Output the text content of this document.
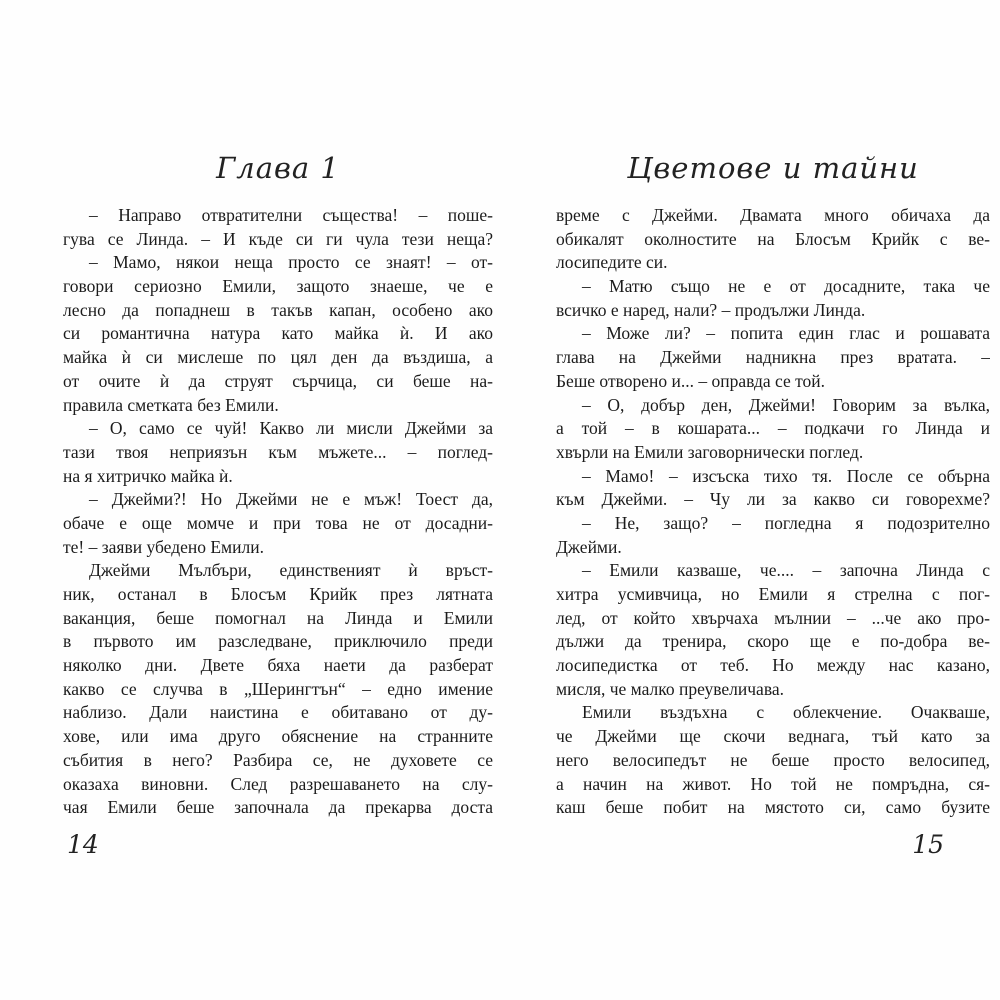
Глава 1
– Направо отвратителни същества! – поше-
гува се Линда. – И къде си ги чула тези неща?
– Мамо, някои неща просто се знаят! – от-
говори сериозно Емили, защото знаеше, че е
лесно да попаднеш в такъв капан, особено ако
си романтична натура като майка ѝ. И ако
майка ѝ си мислеше по цял ден да въздиша, а
от очите ѝ да струят сърчица, си беше на-
правила сметката без Емили.
– О, само се чуй! Какво ли мисли Джейми за
тази твоя неприязън към мъжете... – поглед-
на я хитричко майка ѝ.
– Джейми?! Но Джейми не е мъж! Тоест да,
обаче е още момче и при това не от досадни-
те! – заяви убедено Емили.
Джейми Мълбъри, единственият ѝ връст-
ник, останал в Блосъм Крийк през лятната
ваканция, беше помогнал на Линда и Емили
в първото им разследване, приключило преди
няколко дни. Двете бяха наети да разберат
какво се случва в „Шерингтън“ – едно имение
наблизо. Дали наистина е обитавано от ду-
хове, или има друго обяснение на странните
събития в него? Разбира се, не духовете се
оказаха виновни. След разрешаването на слу-
чая Емили беше започнала да прекарва доста
14
Цветове и тайни
време с Джейми. Двамата много обичаха да
обикалят околностите на Блосъм Крийк с ве-
лосипедите си.
– Матю също не е от досадните, така че
всичко е наред, нали? – продължи Линда.
– Може ли? – попита един глас и рошавата
глава на Джейми надникна през вратата. –
Беше отворено и... – оправда се той.
– О, добър ден, Джейми! Говорим за вълка,
а той – в кошарата... – подкачи го Линда и
хвърли на Емили заговорнически поглед.
– Мамо! – изсъска тихо тя. После се обърна
към Джейми. – Чу ли за какво си говорехме?
– Не, защо? – погледна я подозрително
Джейми.
– Емили казваше, че.... – започна Линда с
хитра усмивчица, но Емили я стрелна с пог-
лед, от който хвърчаха мълнии – ...че ако про-
дължи да тренира, скоро ще е по-добра ве-
лосипедистка от теб. Но между нас казано,
мисля, че малко преувеличава.
Емили въздъхна с облекчение. Очакваше,
че Джейми ще скочи веднага, тъй като за
него велосипедът не беше просто велосипед,
а начин на живот. Но той не помръдна, ся-
каш беше побит на мястото си, само бузите
15
